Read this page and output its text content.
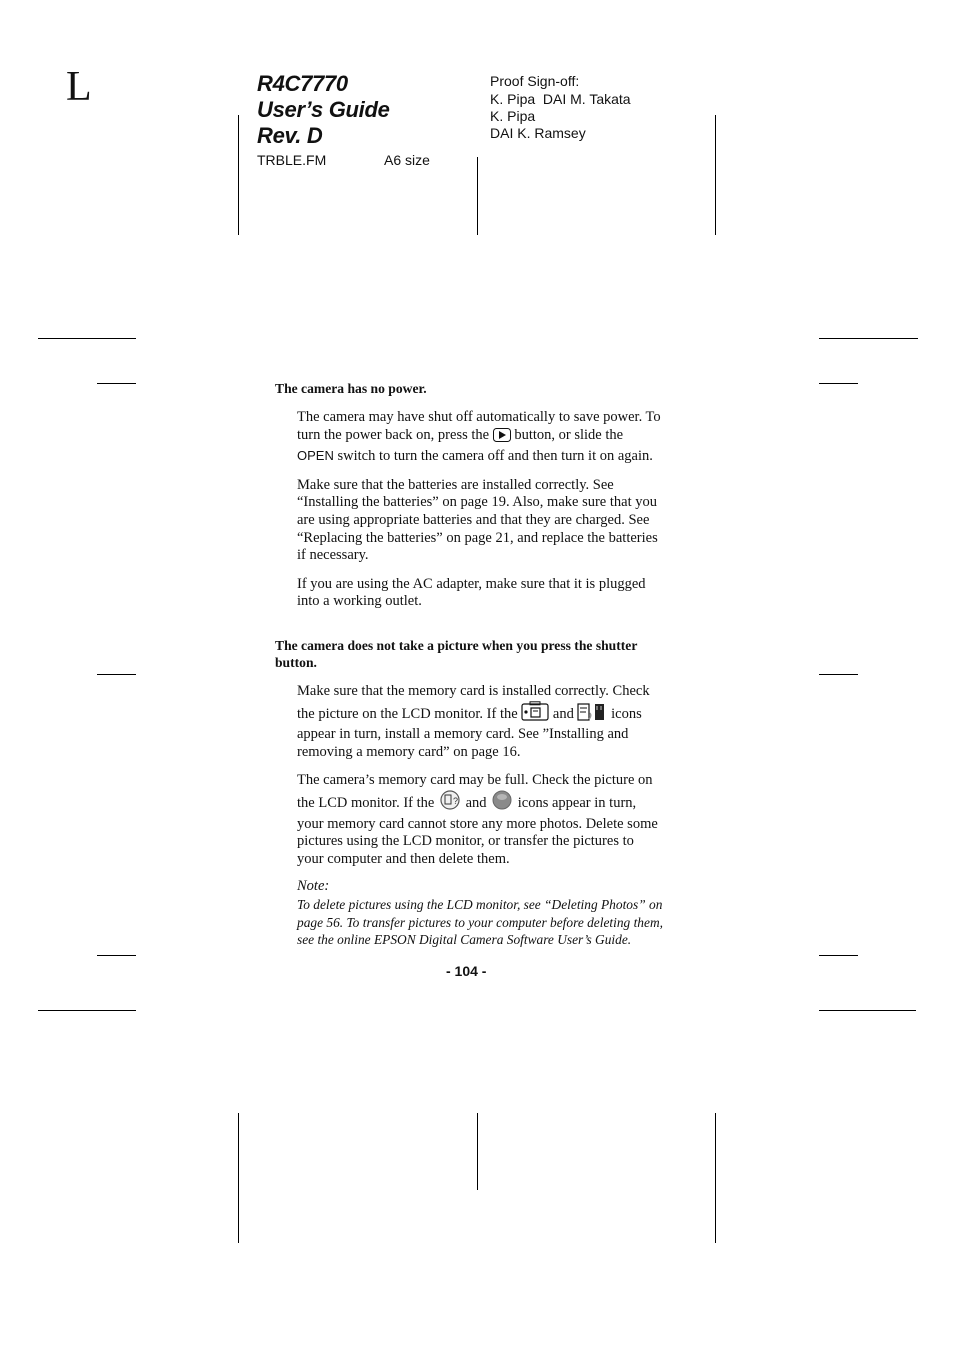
L	R4C7770
User’s Guide
Rev. D
TRBLE.FM	A6 size
Proof Sign-off:
K. Pipa  DAI M. Takata
K. Pipa
DAI K. Ramsey

The camera has no power.

The camera may have shut off automatically to save power. To turn the power back on, press the  button, or slide the OPEN switch to turn the camera off and then turn it on again.

Make sure that the batteries are installed correctly. See “Installing the batteries” on page 19. Also, make sure that you are using appropriate batteries and that they are charged. See “Replacing the batteries” on page 21, and replace the batteries if necessary.

If you are using the AC adapter, make sure that it is plugged into a working outlet.

The camera does not take a picture when you press the shutter button.

Make sure that the memory card is installed correctly. Check the picture on the LCD monitor. If the  and  icons appear in turn, install a memory card. See ”Installing and removing a memory card” on page 16.

The camera’s memory card may be full. Check the picture on the LCD monitor. If the ? and  icons appear in turn, your memory card cannot store any more photos. Delete some pictures using the LCD monitor, or transfer the pictures to your computer and then delete them.

Note:

To delete pictures using the LCD monitor, see “Deleting Photos” on page 56. To transfer pictures to your computer before deleting them, see the online EPSON Digital Camera Software User’s Guide.

- 104 -
